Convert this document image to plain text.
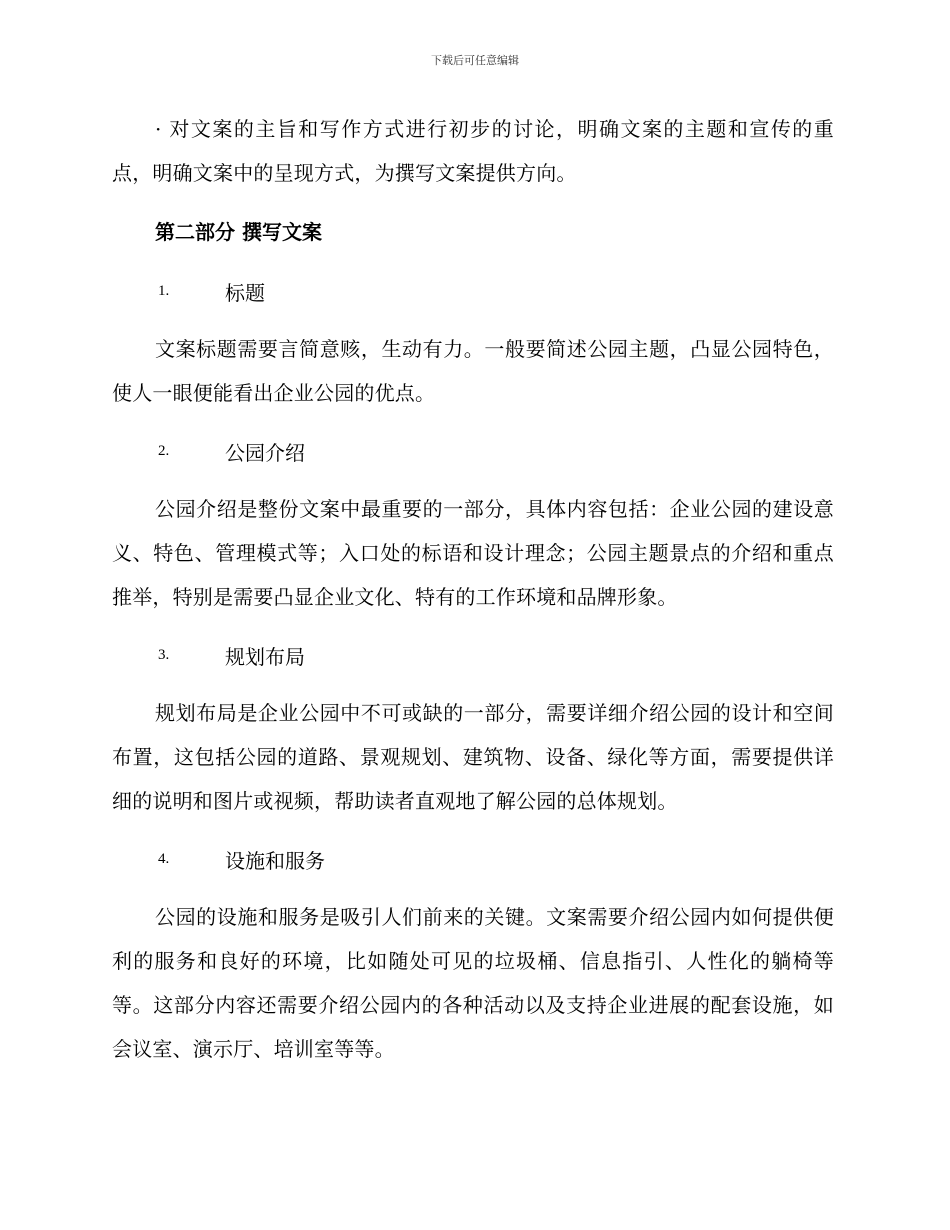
下载后可任意编辑

· 对文案的主旨和写作方式进行初步的讨论，明确文案的主题和宣传的重点，明确文案中的呈现方式，为撰写文案提供方向。

第二部分 撰写文案
1.	标题

文案标题需要言简意赅，生动有力。一般要简述公园主题，凸显公园特色，使人一眼便能看出企业公园的优点。

2.	公园介绍

公园介绍是整份文案中最重要的一部分，具体内容包括：企业公园的建设意义、特色、管理模式等；入口处的标语和设计理念；公园主题景点的介绍和重点推举，特别是需要凸显企业文化、特有的工作环境和品牌形象。

3.	规划布局

规划布局是企业公园中不可或缺的一部分，需要详细介绍公园的设计和空间布置，这包括公园的道路、景观规划、建筑物、设备、绿化等方面，需要提供详细的说明和图片或视频，帮助读者直观地了解公园的总体规划。

4.	设施和服务

公园的设施和服务是吸引人们前来的关键。文案需要介绍公园内如何提供便利的服务和良好的环境，比如随处可见的垃圾桶、信息指引、人性化的躺椅等等。这部分内容还需要介绍公园内的各种活动以及支持企业进展的配套设施，如会议室、演示厅、培训室等等。
